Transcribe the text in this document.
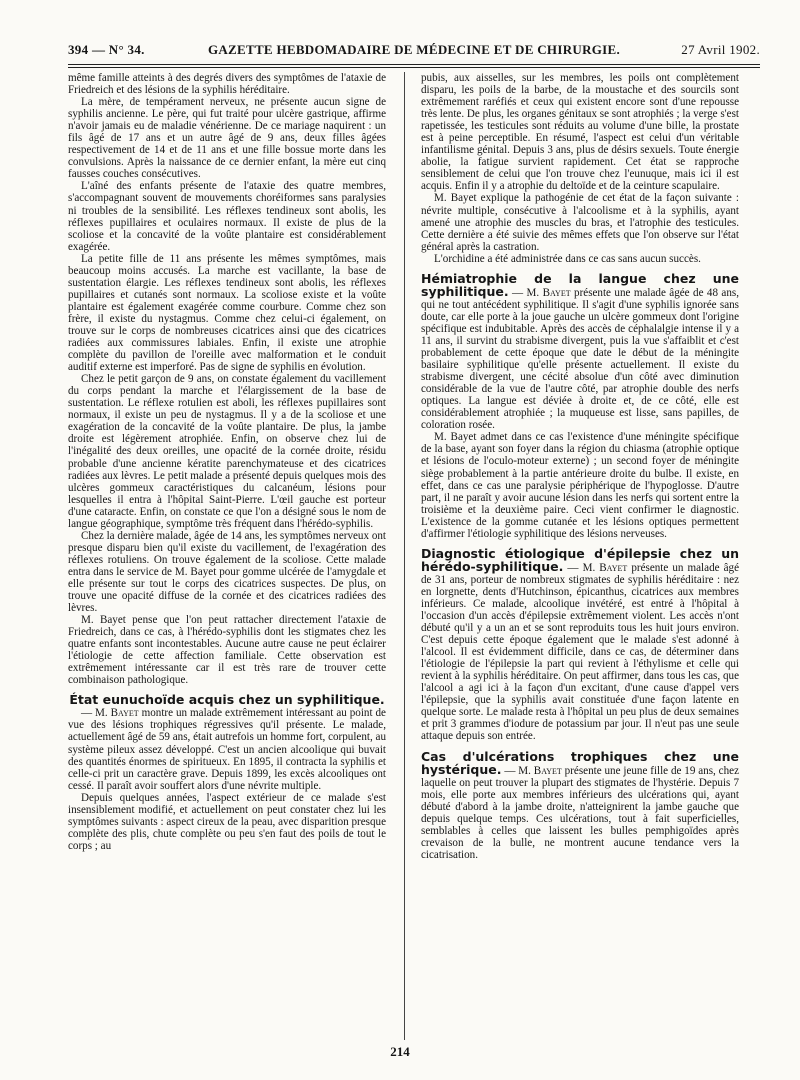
394 — N° 34.	GAZETTE HEBDOMADAIRE DE MÉDECINE ET DE CHIRURGIE.	27 Avril 1902.

même famille atteints à des degrés divers des symptômes de l'ataxie de Friedreich et des lésions de la syphilis héréditaire.

La mère, de tempérament nerveux, ne présente aucun signe de syphilis ancienne. Le père, qui fut traité pour ulcère gastrique, affirme n'avoir jamais eu de maladie vénérienne. De ce mariage naquirent : un fils âgé de 17 ans et un autre âgé de 9 ans, deux filles âgées respectivement de 14 et de 11 ans et une fille bossue morte dans les convulsions. Après la naissance de ce dernier enfant, la mère eut cinq fausses couches consécutives.

L'aîné des enfants présente de l'ataxie des quatre membres, s'accompagnant souvent de mouvements choréiformes sans paralysies ni troubles de la sensibilité. Les réflexes tendineux sont abolis, les réflexes pupillaires et oculaires normaux. Il existe de plus de la scoliose et la concavité de la voûte plantaire est considérablement exagérée.

La petite fille de 11 ans présente les mêmes symptômes, mais beaucoup moins accusés. La marche est vacillante, la base de sustentation élargie. Les réflexes tendineux sont abolis, les réflexes pupillaires et cutanés sont normaux. La scoliose existe et la voûte plantaire est également exagérée comme courbure. Comme chez son frère, il existe du nystagmus. Comme chez celui-ci également, on trouve sur le corps de nombreuses cicatrices ainsi que des cicatrices radiées aux commissures labiales. Enfin, il existe une atrophie complète du pavillon de l'oreille avec malformation et le conduit auditif externe est imperforé. Pas de signe de syphilis en évolution.

Chez le petit garçon de 9 ans, on constate également du vacillement du corps pendant la marche et l'élargissement de la base de sustentation. Le réflexe rotulien est aboli, les réflexes pupillaires sont normaux, il existe un peu de nystagmus. Il y a de la scoliose et une exagération de la concavité de la voûte plantaire. De plus, la jambe droite est légèrement atrophiée. Enfin, on observe chez lui de l'inégalité des deux oreilles, une opacité de la cornée droite, résidu probable d'une ancienne kératite parenchymateuse et des cicatrices radiées aux lèvres. Le petit malade a présenté depuis quelques mois des ulcères gommeux caractéristiques du calcanéum, lésions pour lesquelles il entra à l'hôpital Saint-Pierre. L'œil gauche est porteur d'une cataracte. Enfin, on constate ce que l'on a désigné sous le nom de langue géographique, symptôme très fréquent dans l'hérédo-syphilis.

Chez la dernière malade, âgée de 14 ans, les symptômes nerveux ont presque disparu bien qu'il existe du vacillement, de l'exagération des réflexes rotuliens. On trouve également de la scoliose. Cette malade entra dans le service de M. Bayet pour gomme ulcérée de l'amygdale et elle présente sur tout le corps des cicatrices suspectes. De plus, on trouve une opacité diffuse de la cornée et des cicatrices radiées des lèvres.

M. Bayet pense que l'on peut rattacher directement l'ataxie de Friedreich, dans ce cas, à l'hérédo-syphilis dont les stigmates chez les quatre enfants sont incontestables. Aucune autre cause ne peut éclairer l'étiologie de cette affection familiale. Cette observation est extrêmement intéressante car il est très rare de trouver cette combinaison pathologique.

État eunuchoïde acquis chez un syphilitique.

— M. Bayet montre un malade extrêmement intéressant au point de vue des lésions trophiques régressives qu'il présente. Le malade, actuellement âgé de 59 ans, était autrefois un homme fort, corpulent, au système pileux assez développé. C'est un ancien alcoolique qui buvait des quantités énormes de spiritueux. En 1895, il contracta la syphilis et celle-ci prit un caractère grave. Depuis 1899, les excès alcooliques ont cessé. Il paraît avoir souffert alors d'une névrite multiple.

Depuis quelques années, l'aspect extérieur de ce malade s'est insensiblement modifié, et actuellement on peut constater chez lui les symptômes suivants : aspect cireux de la peau, avec disparition presque complète des plis, chute complète ou peu s'en faut des poils de tout le corps ; au

pubis, aux aisselles, sur les membres, les poils ont complètement disparu, les poils de la barbe, de la moustache et des sourcils sont extrêmement raréfiés et ceux qui existent encore sont d'une repousse très lente. De plus, les organes génitaux se sont atrophiés ; la verge s'est rapetissée, les testicules sont réduits au volume d'une bille, la prostate est à peine perceptible. En résumé, l'aspect est celui d'un véritable infantilisme génital. Depuis 3 ans, plus de désirs sexuels. Toute énergie abolie, la fatigue survient rapidement. Cet état se rapproche sensiblement de celui que l'on trouve chez l'eunuque, mais ici il est acquis. Enfin il y a atrophie du deltoïde et de la ceinture scapulaire.

M. Bayet explique la pathogénie de cet état de la façon suivante : névrite multiple, consécutive à l'alcoolisme et à la syphilis, ayant amené une atrophie des muscles du bras, et l'atrophie des testicules. Cette dernière a été suivie des mêmes effets que l'on observe sur l'état général après la castration.

L'orchidine a été administrée dans ce cas sans aucun succès.

Hémiatrophie de la langue chez une syphilitique. — M. Bayet présente une malade âgée de 48 ans, qui ne tout antécédent syphilitique. Il s'agit d'une syphilis ignorée sans doute, car elle porte à la joue gauche un ulcère gommeux dont l'origine spécifique est indubitable. Après des accès de céphalalgie intense il y a 11 ans, il survint du strabisme divergent, puis la vue s'affaiblit et c'est probablement de cette époque que date le début de la méningite basilaire syphilitique qu'elle présente actuellement. Il existe du strabisme divergent, une cécité absolue d'un côté avec diminution considérable de la vue de l'autre côté, par atrophie double des nerfs optiques. La langue est déviée à droite et, de ce côté, elle est considérablement atrophiée ; la muqueuse est lisse, sans papilles, de coloration rosée.

M. Bayet admet dans ce cas l'existence d'une méningite spécifique de la base, ayant son foyer dans la région du chiasma (atrophie optique et lésions de l'oculo-moteur externe) ; un second foyer de méningite siège probablement à la partie antérieure droite du bulbe. Il existe, en effet, dans ce cas une paralysie périphérique de l'hypoglosse. D'autre part, il ne paraît y avoir aucune lésion dans les nerfs qui sortent entre la troisième et la deuxième paire. Ceci vient confirmer le diagnostic. L'existence de la gomme cutanée et les lésions optiques permettent d'affirmer l'étiologie syphilitique des lésions nerveuses.

Diagnostic étiologique d'épilepsie chez un hérédo-syphilitique. — M. Bayet présente un malade âgé de 31 ans, porteur de nombreux stigmates de syphilis héréditaire : nez en lorgnette, dents d'Hutchinson, épicanthus, cicatrices aux membres inférieurs. Ce malade, alcoolique invétéré, est entré à l'hôpital à l'occasion d'un accès d'épilepsie extrêmement violent. Les accès n'ont débuté qu'il y a un an et se sont reproduits tous les huit jours environ. C'est depuis cette époque également que le malade s'est adonné à l'alcool. Il est évidemment difficile, dans ce cas, de déterminer dans l'étiologie de l'épilepsie la part qui revient à l'éthylisme et celle qui revient à la syphilis héréditaire. On peut affirmer, dans tous les cas, que l'alcool a agi ici à la façon d'un excitant, d'une cause d'appel vers l'épilepsie, que la syphilis avait constituée d'une façon latente en quelque sorte. Le malade resta à l'hôpital un peu plus de deux semaines et prit 3 grammes d'iodure de potassium par jour. Il n'eut pas une seule attaque depuis son entrée.

Cas d'ulcérations trophiques chez une hystérique. — M. Bayet présente une jeune fille de 19 ans, chez laquelle on peut trouver la plupart des stigmates de l'hystérie. Depuis 7 mois, elle porte aux membres inférieurs des ulcérations qui, ayant débuté d'abord à la jambe droite, n'atteignirent la jambe gauche que depuis quelque temps. Ces ulcérations, tout à fait superficielles, semblables à celles que laissent les bulles pemphigoïdes après crevaison de la bulle, ne montrent aucune tendance vers la cicatrisation.

214
